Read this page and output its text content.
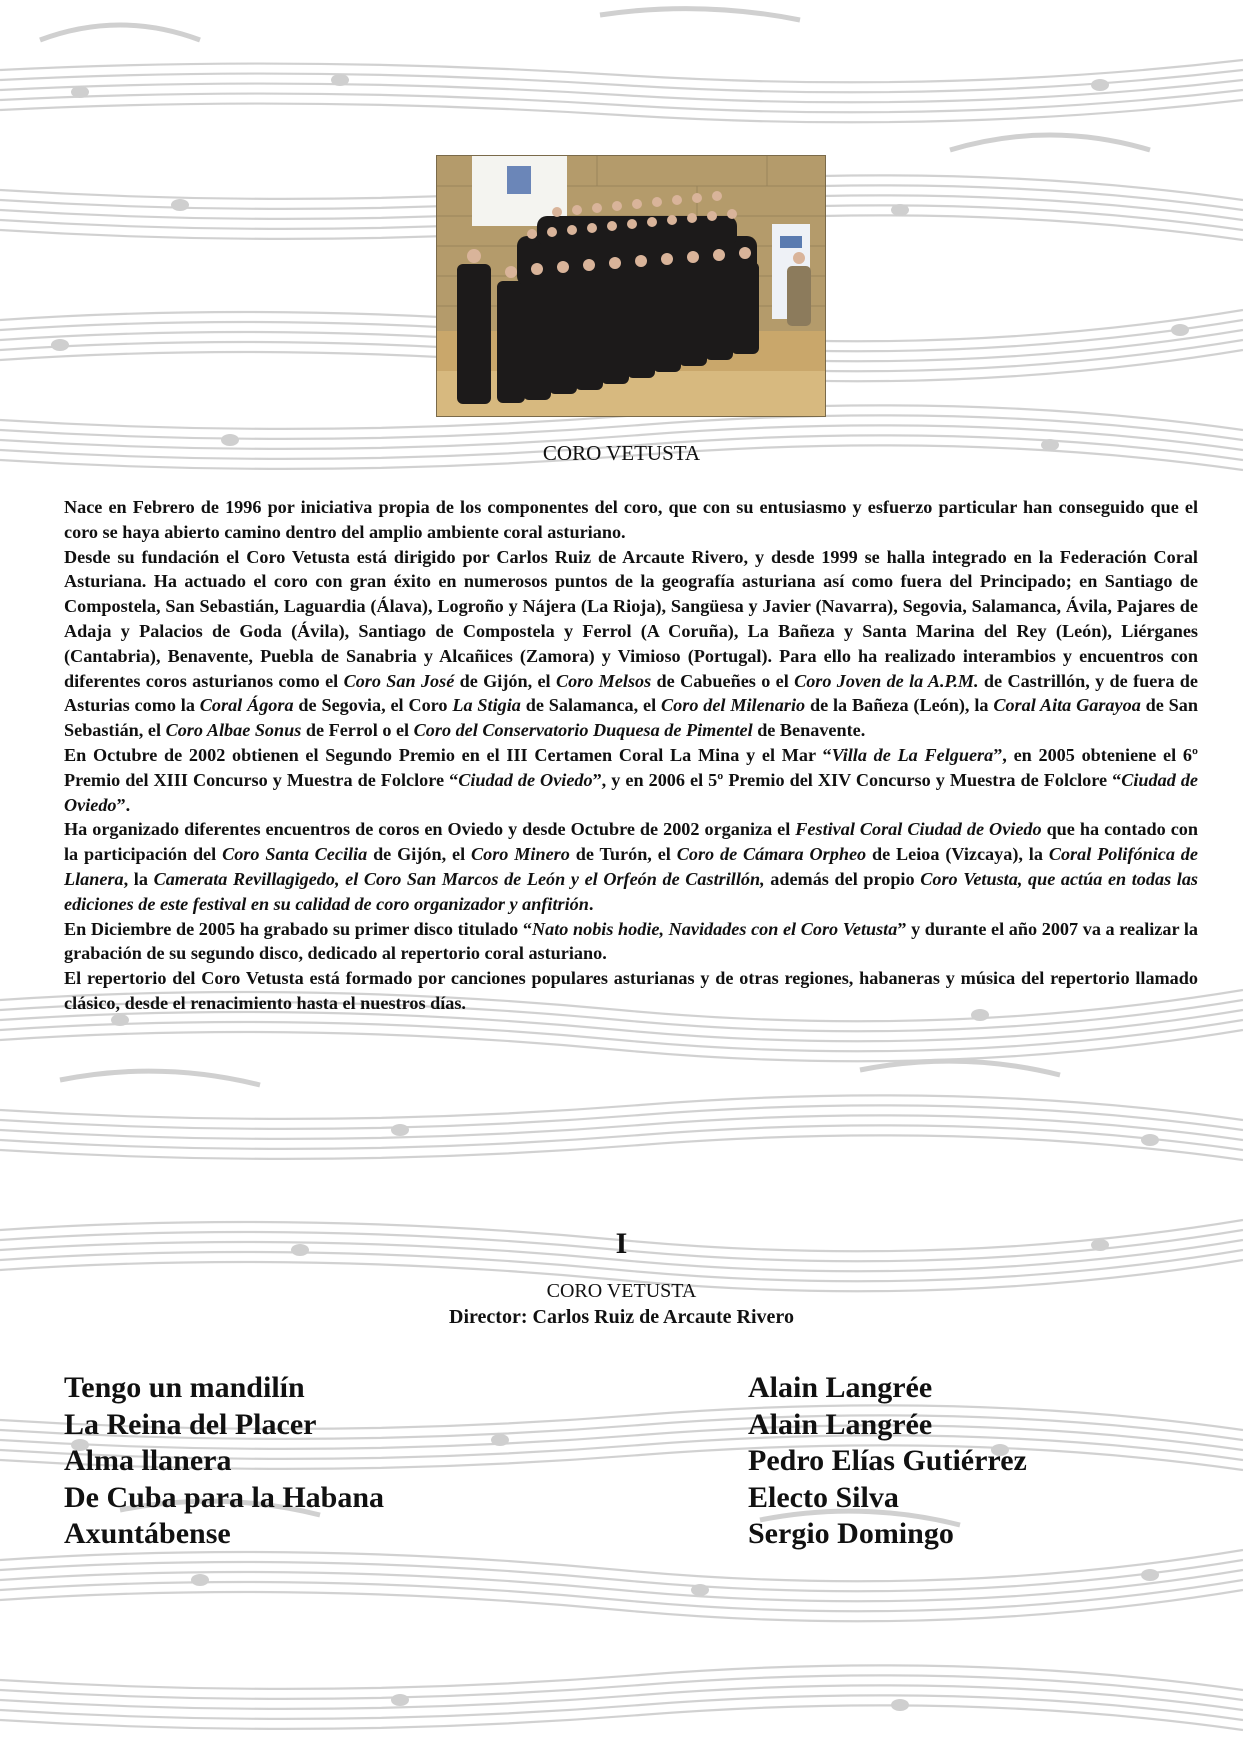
CORO VETUSTA

Nace en Febrero de 1996 por iniciativa propia de los componentes del coro, que con su entusiasmo y esfuerzo particular han conseguido que el coro se haya abierto camino dentro del amplio ambiente coral asturiano.

Desde su fundación el Coro Vetusta está dirigido por Carlos Ruiz de Arcaute Rivero, y desde 1999 se halla integrado en la Federación Coral Asturiana. Ha actuado el coro con gran éxito en numerosos puntos de la geografía asturiana así como fuera del Principado; en Santiago de Compostela, San Sebastián, Laguardia (Álava), Logroño y Nájera (La Rioja), Sangüesa y Javier (Navarra), Segovia, Salamanca, Ávila, Pajares de Adaja y Palacios de Goda (Ávila), Santiago de Compostela y Ferrol (A Coruña), La Bañeza y Santa Marina del Rey (León), Liérganes (Cantabria), Benavente, Puebla de Sanabria y Alcañices (Zamora) y Vimioso (Portugal). Para ello ha realizado interambios y encuentros con diferentes coros asturianos como el Coro San José de Gijón, el Coro Melsos de Cabueñes o el Coro Joven de la A.P.M. de Castrillón, y de fuera de Asturias como la Coral Ágora de Segovia, el Coro La Stigia de Salamanca, el Coro del Milenario de la Bañeza (León), la Coral Aita Garayoa de San Sebastián, el Coro Albae Sonus de Ferrol o el Coro del Conservatorio Duquesa de Pimentel de Benavente.

En Octubre de 2002 obtienen el Segundo Premio en el III Certamen Coral La Mina y el Mar “Villa de La Felguera”, en 2005 obteniene el 6º Premio del XIII Concurso y Muestra de Folclore “Ciudad de Oviedo”, y en 2006 el 5º Premio del XIV Concurso y Muestra de Folclore “Ciudad de Oviedo”.

Ha organizado diferentes encuentros de coros en Oviedo y desde Octubre de 2002 organiza el Festival Coral Ciudad de Oviedo que ha contado con la participación del Coro Santa Cecilia de Gijón, el Coro Minero de Turón, el Coro de Cámara Orpheo de Leioa (Vizcaya), la Coral Polifónica de Llanera, la Camerata Revillagigedo, el Coro San Marcos de León y el Orfeón de Castrillón, además del propio Coro Vetusta, que actúa en todas las ediciones de este festival en su calidad de coro organizador y anfitrión.

En Diciembre de 2005 ha grabado su primer disco titulado “Nato nobis hodie, Navidades con el Coro Vetusta” y durante el año 2007 va a realizar la grabación de su segundo disco, dedicado al repertorio coral asturiano.

El repertorio del Coro Vetusta está formado por canciones populares asturianas y de otras regiones, habaneras y música del repertorio llamado clásico, desde el renacimiento hasta el nuestros días.

I
CORO VETUSTA
Director: Carlos Ruiz de Arcaute Rivero
Tengo un mandilín	Alain Langrée
La Reina del Placer	Alain Langrée
Alma llanera	Pedro Elías Gutiérrez
De Cuba para la Habana	Electo Silva
Axuntábense	Sergio Domingo
